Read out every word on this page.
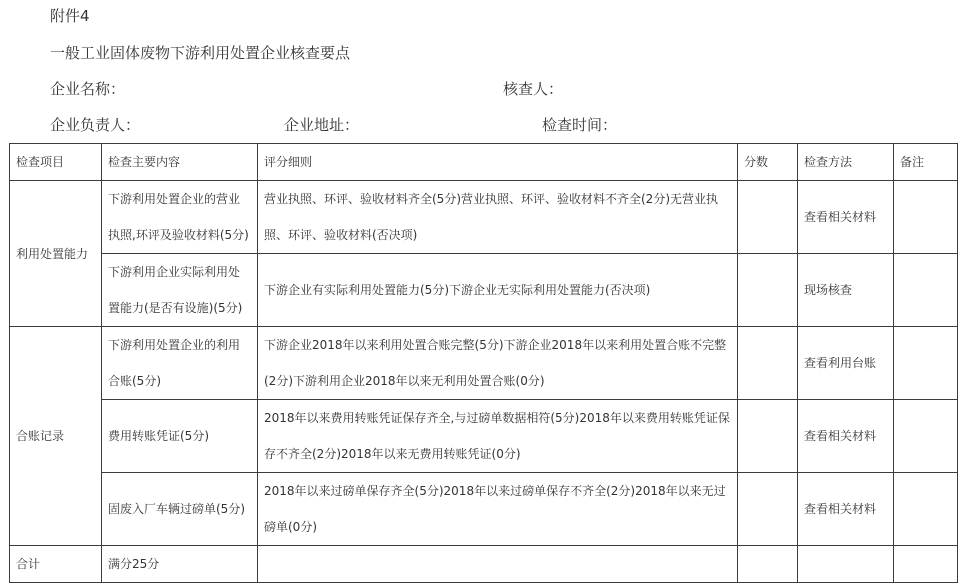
附件4
一般工业固体废物下游利用处置企业核查要点
企业名称：	核查人：
企业负责人：	企业地址：	检查时间：
检查项目	检查主要内容	评分细则	分数	检查方法	备注
利用处置能力	下游利用处置企业的营业执照,环评及验收材料(5分)	营业执照、环评、验收材料齐全(5分)营业执照、环评、验收材料不齐全(2分)无营业执照、环评、验收材料(否决项)		查看相关材料	
	下游利用企业实际利用处置能力(是否有设施)(5分)	下游企业有实际利用处置能力(5分)下游企业无实际利用处置能力(否决项)		现场核查	
合账记录	下游利用处置企业的利用合账(5分)	下游企业2018年以来利用处置合账完整(5分)下游企业2018年以来利用处置合账不完整(2分)下游利用企业2018年以来无利用处置合账(0分)		查看利用台账	
	费用转账凭证(5分)	2018年以来费用转账凭证保存齐全,与过磅单数据相符(5分)2018年以来费用转账凭证保存不齐全(2分)2018年以来无费用转账凭证(0分)		查看相关材料	
	固废入厂车辆过磅单(5分)	2018年以来过磅单保存齐全(5分)2018年以来过磅单保存不齐全(2分)2018年以来无过磅单(0分)		查看相关材料	
合计	满分25分				
